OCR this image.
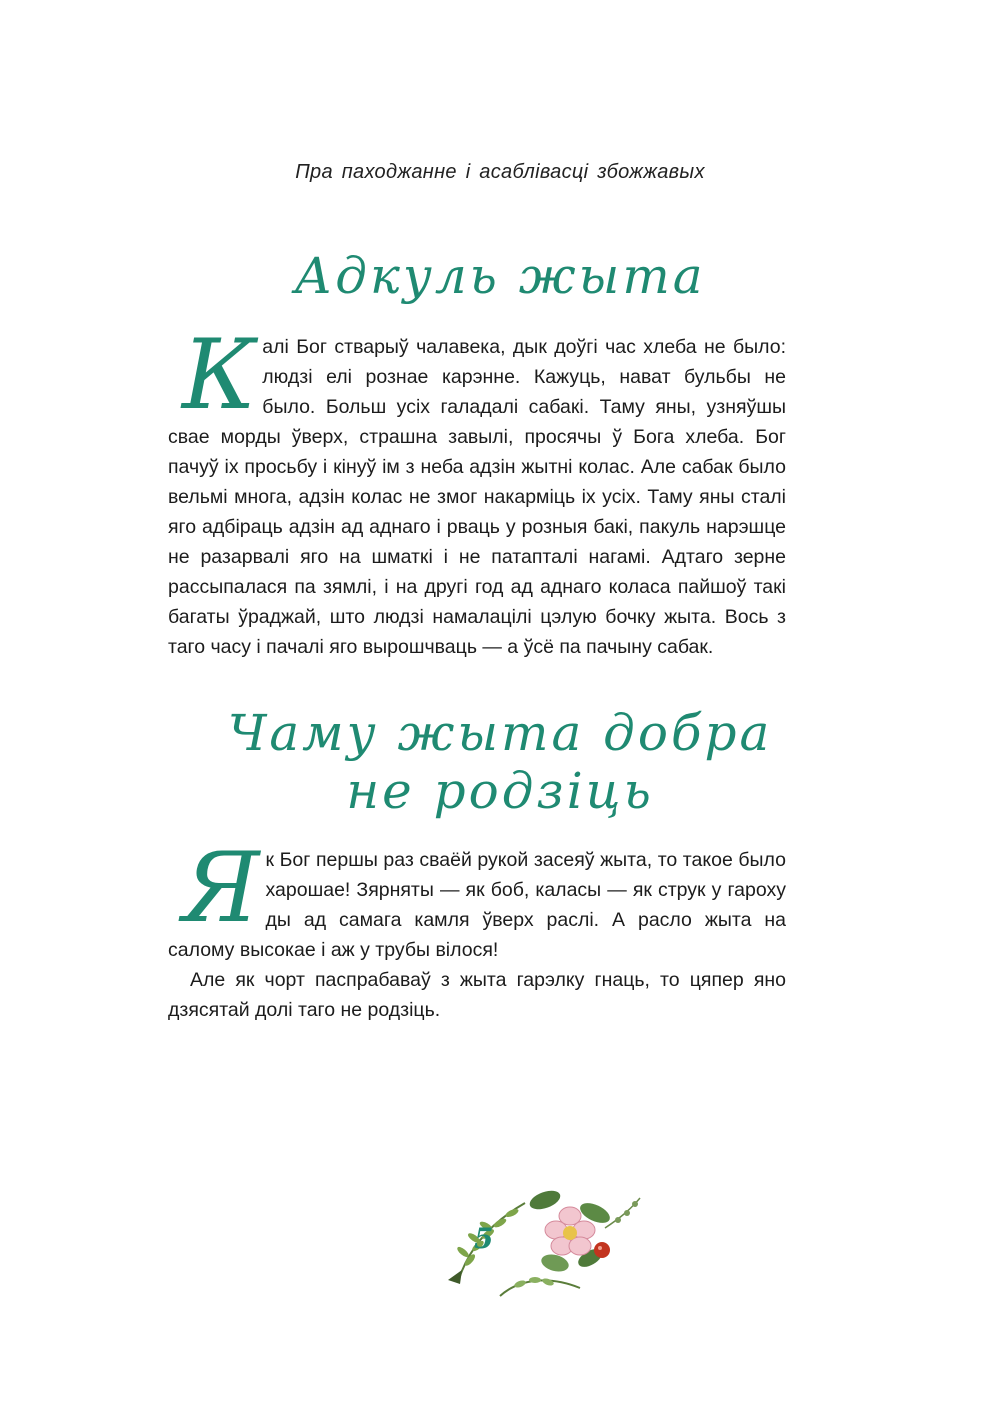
Пра паходжанне і асаблівасці збожжавых
Адкуль жыта

К алі Бог стварыў чалавека, дык доўгі час хлеба не было: людзі елі рознае карэнне. Кажуць, нават бульбы не было. Больш усіх галадалі сабакі. Таму яны, узняўшы свае морды ўверх, страшна завылі, просячы ў Бога хлеба. Бог пачуў іх просьбу і кінуў ім з неба адзін жытні колас. Але сабак было вельмі многа, адзін колас не змог накарміць іх усіх. Таму яны сталі яго адбіраць адзін ад аднаго і рваць у розныя бакі, пакуль нарэшце не разарвалі яго на шматкі і не патапталі нагамі. Адтаго зерне рассыпалася па зямлі, і на другі год ад аднаго коласа пайшоў такі багаты ўраджай, што людзі намалацілі цэлую бочку жыта. Вось з таго часу і пачалі яго вырошчваць — а ўсё па пачыну сабак.

Чаму жыта добра
не родзіць

Я к Бог першы раз сваёй рукой засеяў жыта, то такое было харошае! Зярняты — як боб, каласы — як струк у гароху ды ад самага камля ўверх раслі. А расло жыта на салому высокае і аж у трубы вілося!

Але як чорт паспрабаваў з жыта гарэлку гнаць, то цяпер яно дзясятай долі таго не родзіць.

5
